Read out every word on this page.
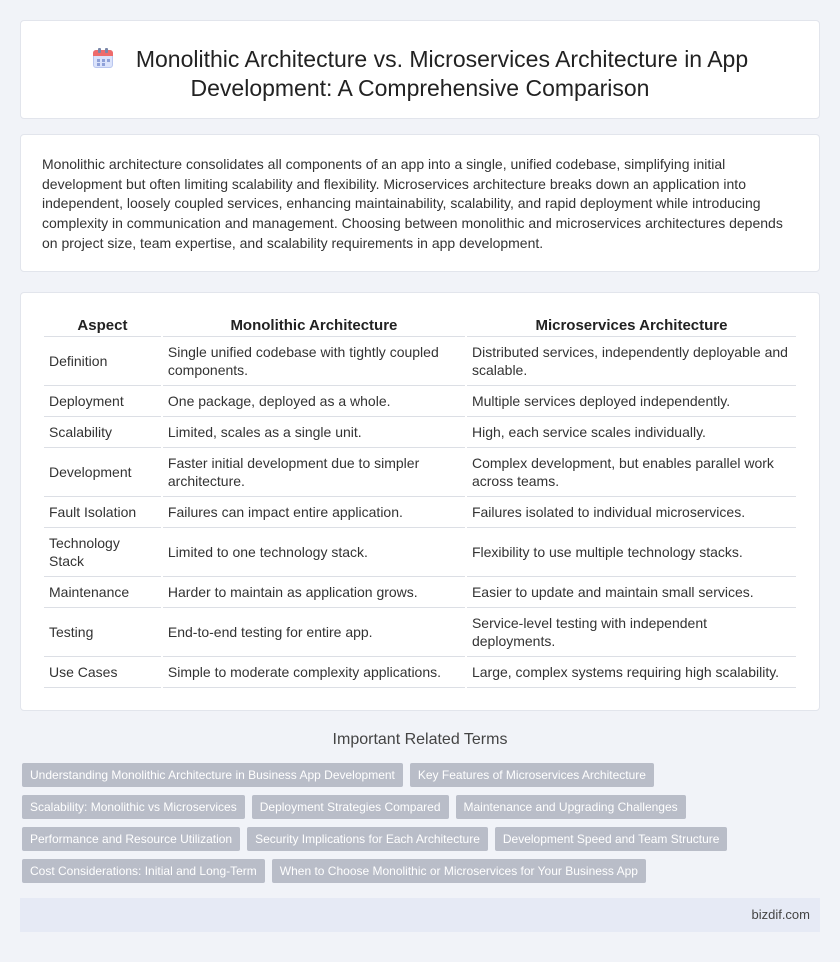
Monolithic Architecture vs. Microservices Architecture in App Development: A Comprehensive Comparison

Monolithic architecture consolidates all components of an app into a single, unified codebase, simplifying initial development but often limiting scalability and flexibility. Microservices architecture breaks down an application into independent, loosely coupled services, enhancing maintainability, scalability, and rapid deployment while introducing complexity in communication and management. Choosing between monolithic and microservices architectures depends on project size, team expertise, and scalability requirements in app development.

Aspect	Monolithic Architecture	Microservices Architecture
Definition	Single unified codebase with tightly coupled components.	Distributed services, independently deployable and scalable.
Deployment	One package, deployed as a whole.	Multiple services deployed independently.
Scalability	Limited, scales as a single unit.	High, each service scales individually.
Development	Faster initial development due to simpler architecture.	Complex development, but enables parallel work across teams.
Fault Isolation	Failures can impact entire application.	Failures isolated to individual microservices.
Technology Stack	Limited to one technology stack.	Flexibility to use multiple technology stacks.
Maintenance	Harder to maintain as application grows.	Easier to update and maintain small services.
Testing	End-to-end testing for entire app.	Service-level testing with independent deployments.
Use Cases	Simple to moderate complexity applications.	Large, complex systems requiring high scalability.
Important Related Terms
Understanding Monolithic Architecture in Business App Development Key Features of Microservices Architecture
Scalability: Monolithic vs Microservices Deployment Strategies Compared Maintenance and Upgrading Challenges
Performance and Resource Utilization Security Implications for Each Architecture Development Speed and Team Structure
Cost Considerations: Initial and Long-Term When to Choose Monolithic or Microservices for Your Business App
bizdif.com
